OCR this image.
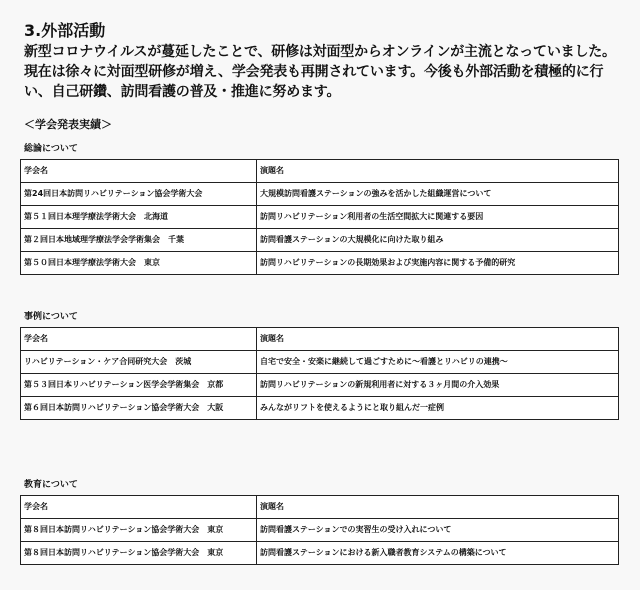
3.外部活動
新型コロナウイルスが蔓延したことで、研修は対面型からオンラインが主流となっていました。現在は徐々に対面型研修が増え、学会発表も再開されています。今後も外部活動を積極的に行い、自己研鑽、訪問看護の普及・推進に努めます。
＜学会発表実績＞
総論について
学会名	演題名
第24回日本訪問リハビリテーション協会学術大会	大規模訪問看護ステーションの強みを活かした組織運営について
第５１回日本理学療法学術大会　北海道	訪問リハビリテーション利用者の生活空間拡大に関連する要因
第２回日本地域理学療法学会学術集会　千葉	訪問看護ステーションの大規模化に向けた取り組み
第５０回日本理学療法学術大会　東京	訪問リハビリテーションの長期効果および実施内容に関する予備的研究
事例について
学会名	演題名
リハビリテーション・ケア合同研究大会　茨城	自宅で安全・安楽に継続して過ごすために～看護とリハビリの連携～
第５３回日本リハビリテーション医学会学術集会　京都	訪問リハビリテーションの新規利用者に対する３ヶ月間の介入効果
第６回日本訪問リハビリテーション協会学術大会　大阪	みんながリフトを使えるようにと取り組んだ一症例
教育について
学会名	演題名
第８回日本訪問リハビリテーション協会学術大会　東京	訪問看護ステーションでの実習生の受け入れについて
第８回日本訪問リハビリテーション協会学術大会　東京	訪問看護ステーションにおける新入職者教育システムの構築について
